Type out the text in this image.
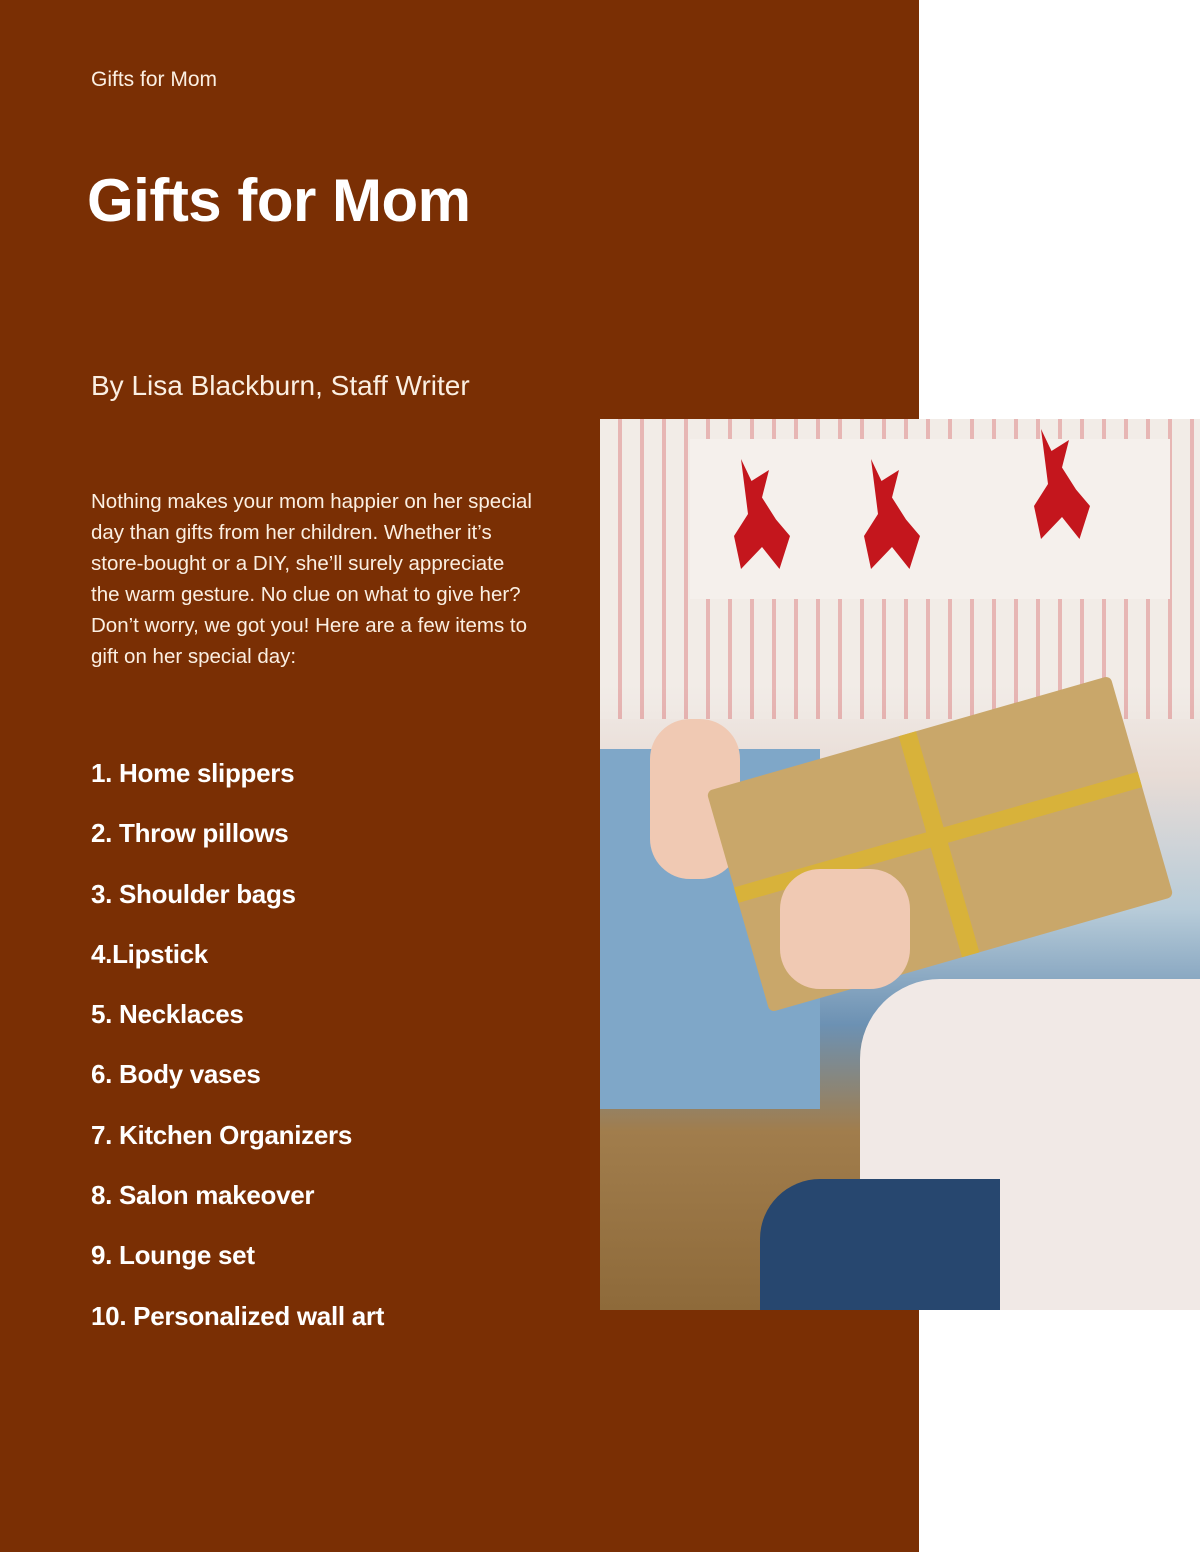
Gifts for Mom
Gifts for Mom
By Lisa Blackburn, Staff Writer

Nothing makes your mom happier on her special day than gifts from her children. Whether it’s store-bought or a DIY, she’ll surely appreciate the warm gesture. No clue on what to give her? Don’t worry, we got you! Here are a few items to gift on her special day:

1. Home slippers
2. Throw pillows
3. Shoulder bags
4.Lipstick
5. Necklaces
6. Body vases
7. Kitchen Organizers
8. Salon makeover
9. Lounge set
10. Personalized wall art
